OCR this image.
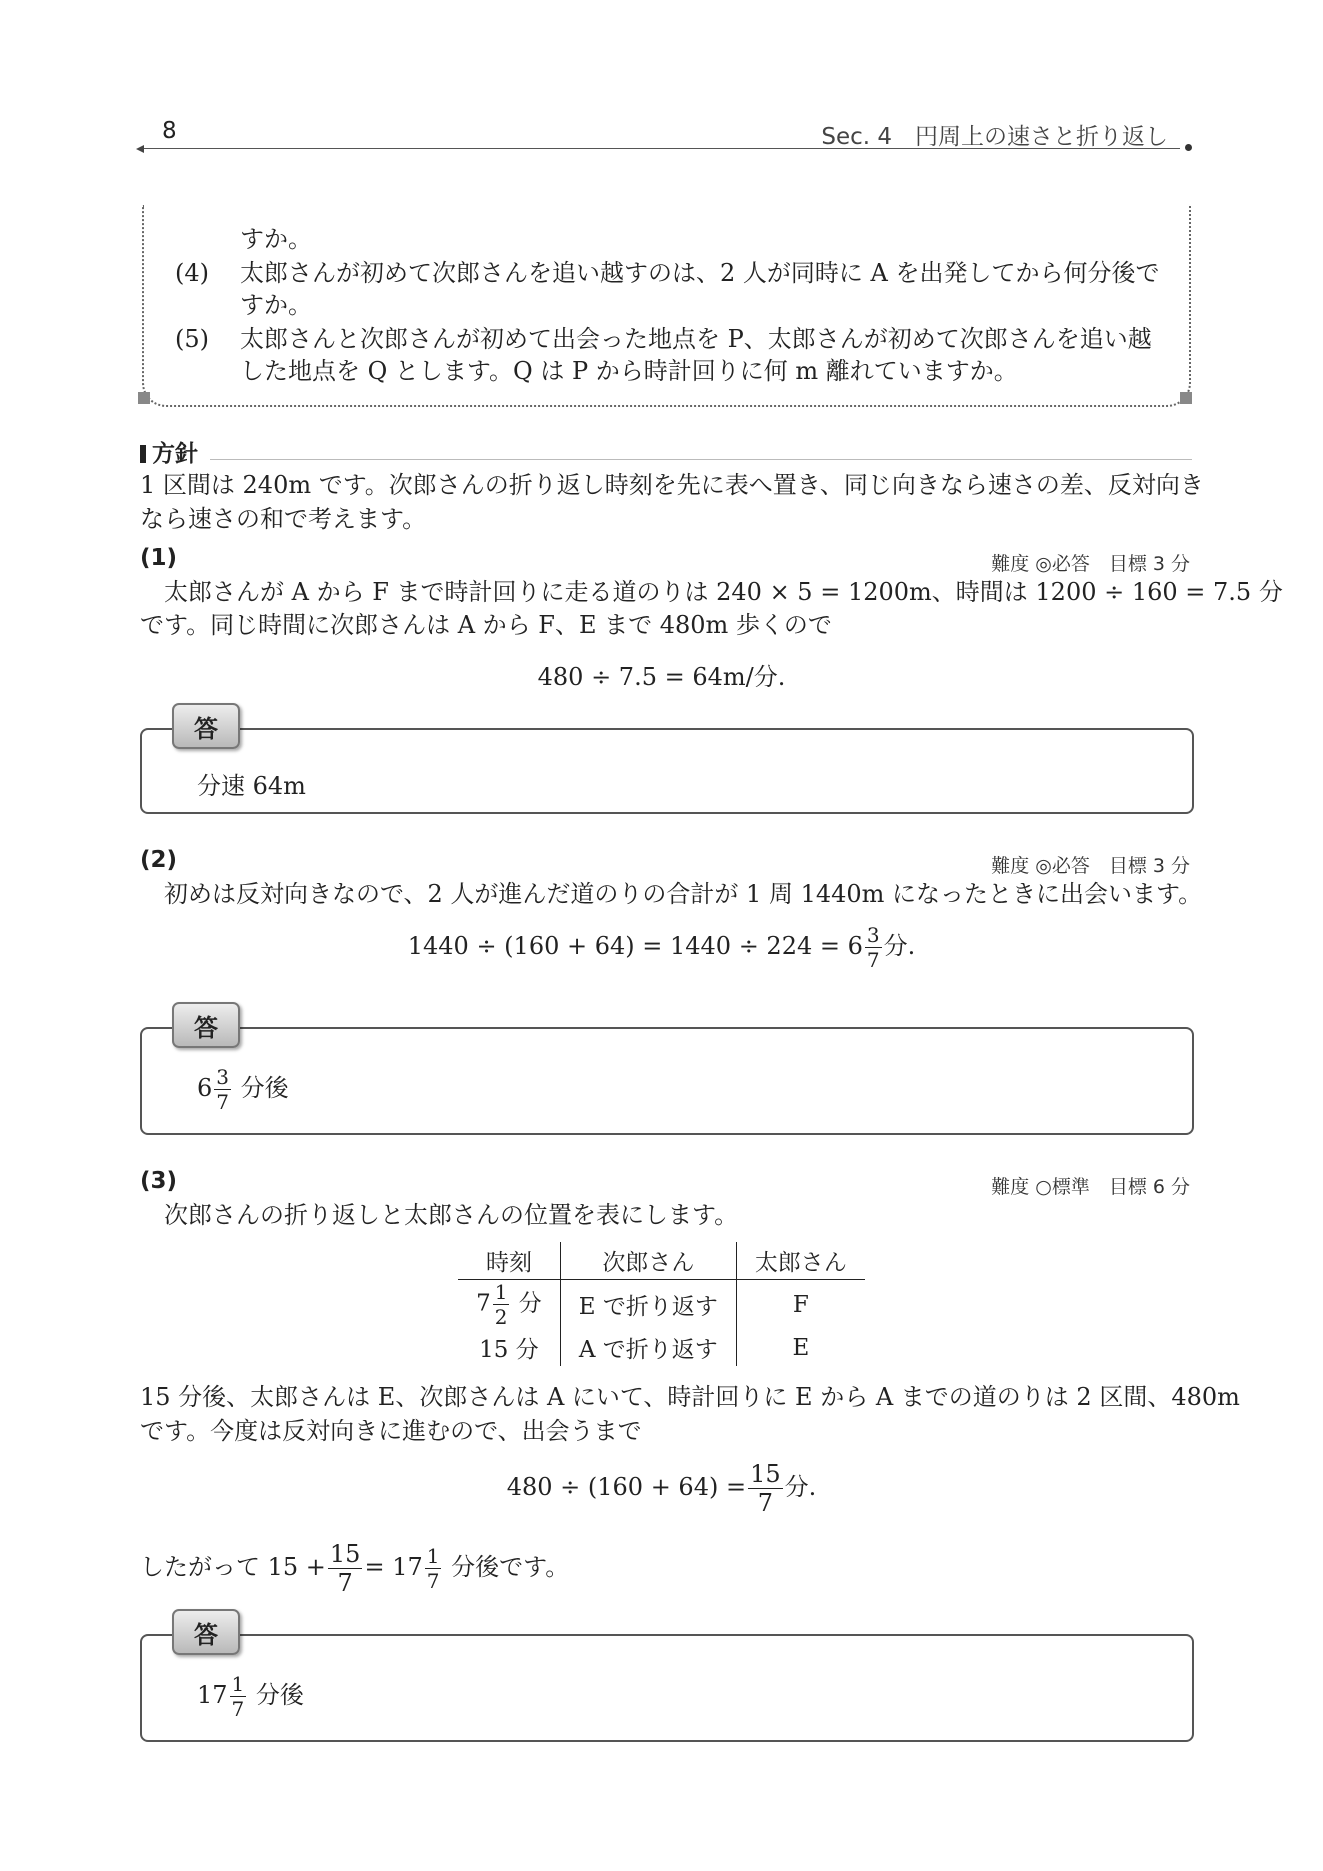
8	Sec. 4　円周上の速さと折り返し
すか。
(4)	太郎さんが初めて次郎さんを追い越すのは、2 人が同時に A を出発してから何分後で
すか。
(5)	太郎さんと次郎さんが初めて出会った地点を P、太郎さんが初めて次郎さんを追い越
した地点を Q とします。Q は P から時計回りに何 m 離れていますか。
方針
1 区間は 240m です。次郎さんの折り返し時刻を先に表へ置き、同じ向きなら速さの差、反対向き
なら速さの和で考えます。
(1)	難度 ◎必答　目標 3 分
　太郎さんが A から F まで時計回りに走る道のりは 240 × 5 = 1200m、時間は 1200 ÷ 160 = 7.5 分
です。同じ時間に次郎さんは A から F、E まで 480m 歩くので
480 ÷ 7.5 = 64m/分.
分速 64m
答
(2)	難度 ◎必答　目標 3 分
　初めは反対向きなので、2 人が進んだ道のりの合計が 1 周 1440m になったときに出会います。
$1440 \div (160 + 64) = 1440 \div 224 = 6 \frac{3}{7}$ 分.
$6 \frac{3}{7}$ 分後
答
(3)	難度 ○標準　目標 6 分
　次郎さんの折り返しと太郎さんの位置を表にします。
時刻	次郎さん	太郎さん
$7 \frac{1}{2}$ 分	E で折り返す	F
15 分	A で折り返す	E
15 分後、太郎さんは E、次郎さんは A にいて、時計回りに E から A までの道のりは 2 区間、480m
です。今度は反対向きに進むので、出会うまで
$480 \div (160 + 64) = \frac{15}{7}$ 分.
したがって $15 + \frac{15}{7} = 17 \frac{1}{7}$ 分後です。
$17 \frac{1}{7}$ 分後
答
